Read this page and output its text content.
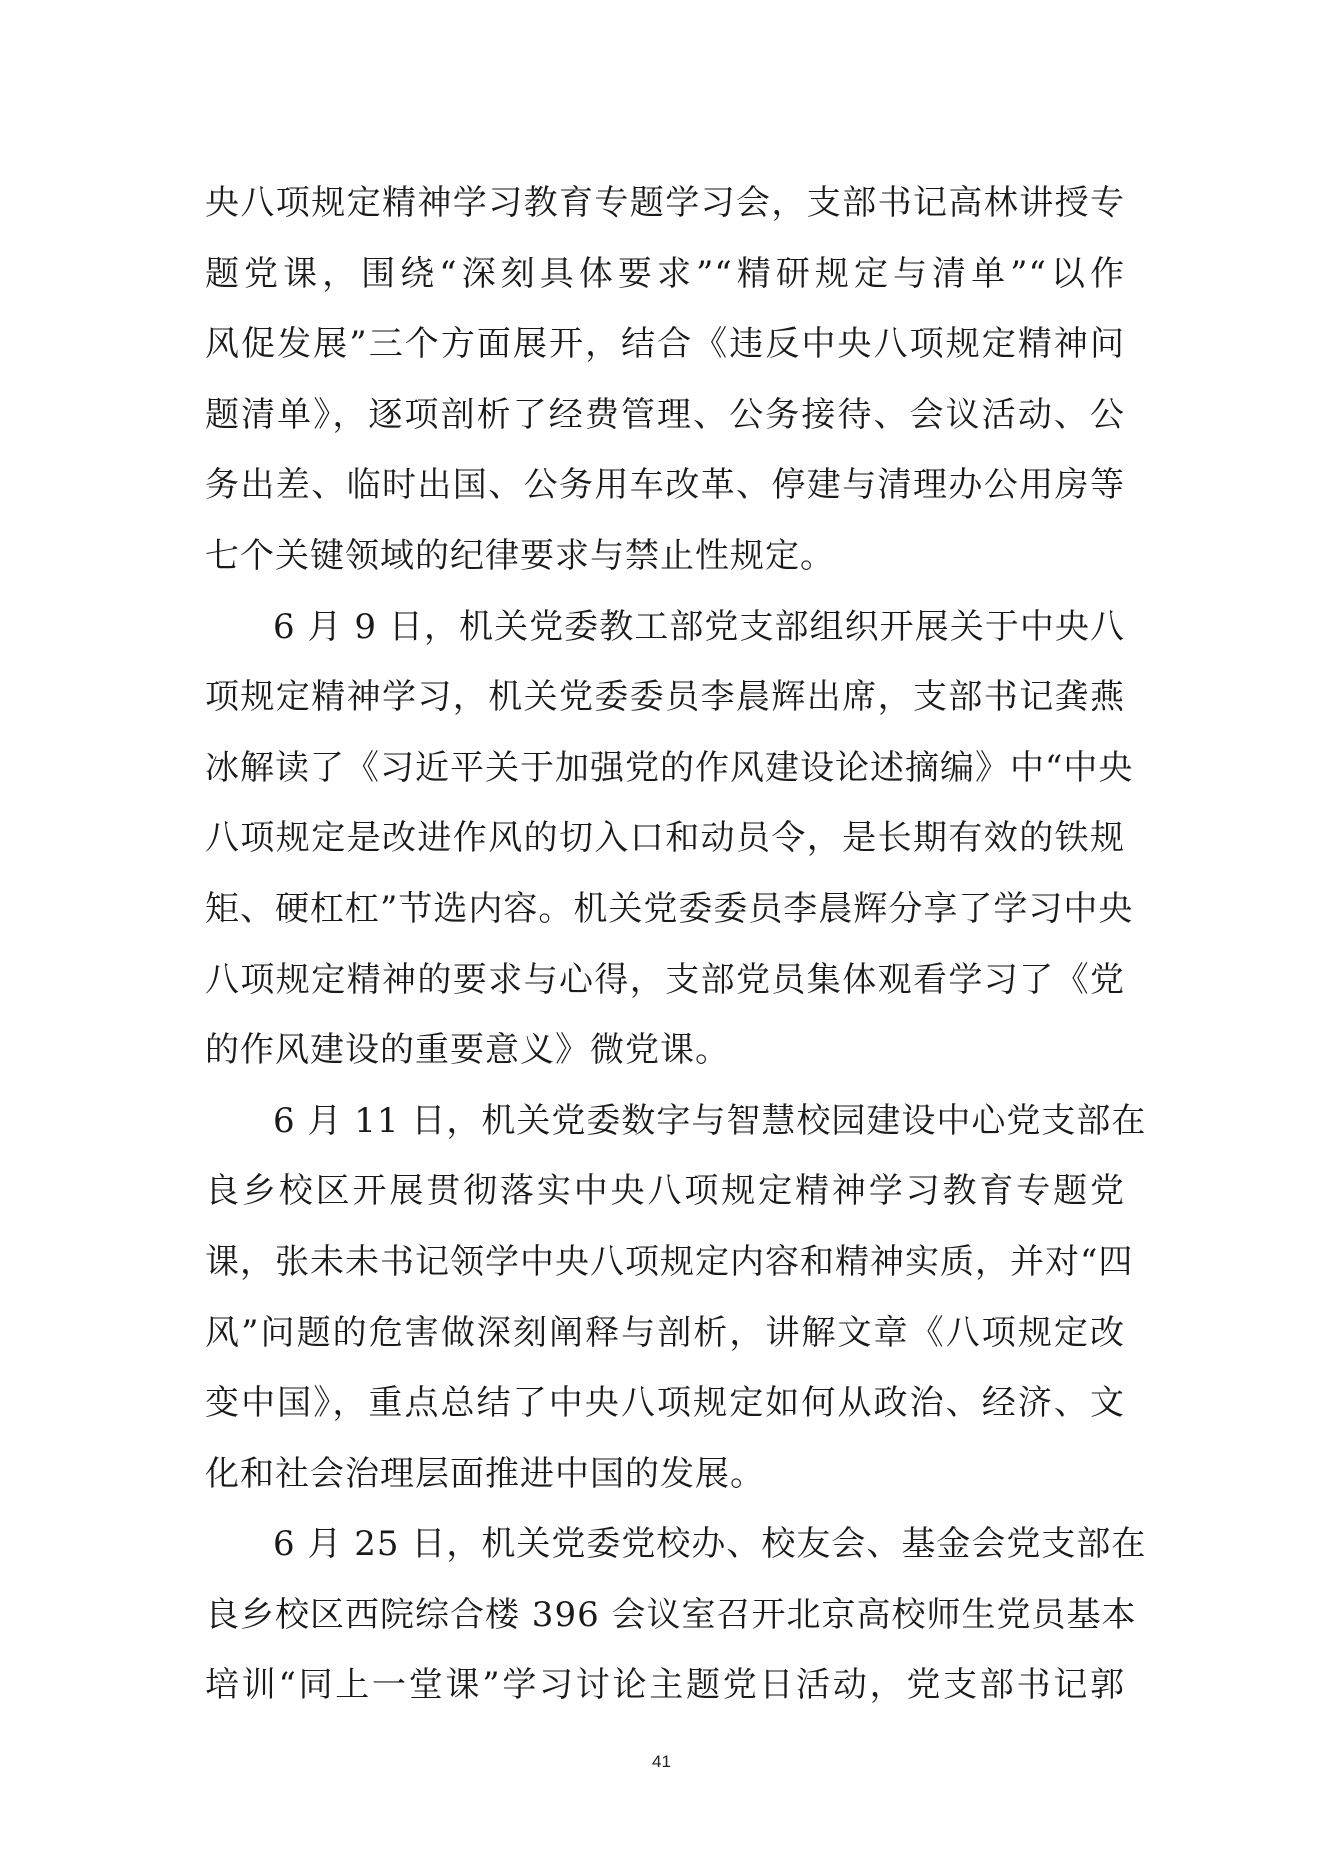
央八项规定精神学习教育专题学习会，支部书记高林讲授专
题党课，围绕“深刻具体要求”“精研规定与清单”“以作
风促发展”三个方面展开，结合《违反中央八项规定精神问
题清单》，逐项剖析了经费管理、公务接待、会议活动、公
务出差、临时出国、公务用车改革、停建与清理办公用房等
七个关键领域的纪律要求与禁止性规定。
6 月 9 日，机关党委教工部党支部组织开展关于中央八
项规定精神学习，机关党委委员李晨辉出席，支部书记龚燕
冰解读了《习近平关于加强党的作风建设论述摘编》中“中央
八项规定是改进作风的切入口和动员令，是长期有效的铁规
矩、硬杠杠”节选内容。机关党委委员李晨辉分享了学习中央
八项规定精神的要求与心得，支部党员集体观看学习了《党
的作风建设的重要意义》微党课。
6 月 11 日，机关党委数字与智慧校园建设中心党支部在
良乡校区开展贯彻落实中央八项规定精神学习教育专题党
课，张未未书记领学中央八项规定内容和精神实质，并对“四
风”问题的危害做深刻阐释与剖析，讲解文章《八项规定改
变中国》，重点总结了中央八项规定如何从政治、经济、文
化和社会治理层面推进中国的发展。
6 月 25 日，机关党委党校办、校友会、基金会党支部在
良乡校区西院综合楼 396 会议室召开北京高校师生党员基本
培训“同上一堂课”学习讨论主题党日活动，党支部书记郭
41
